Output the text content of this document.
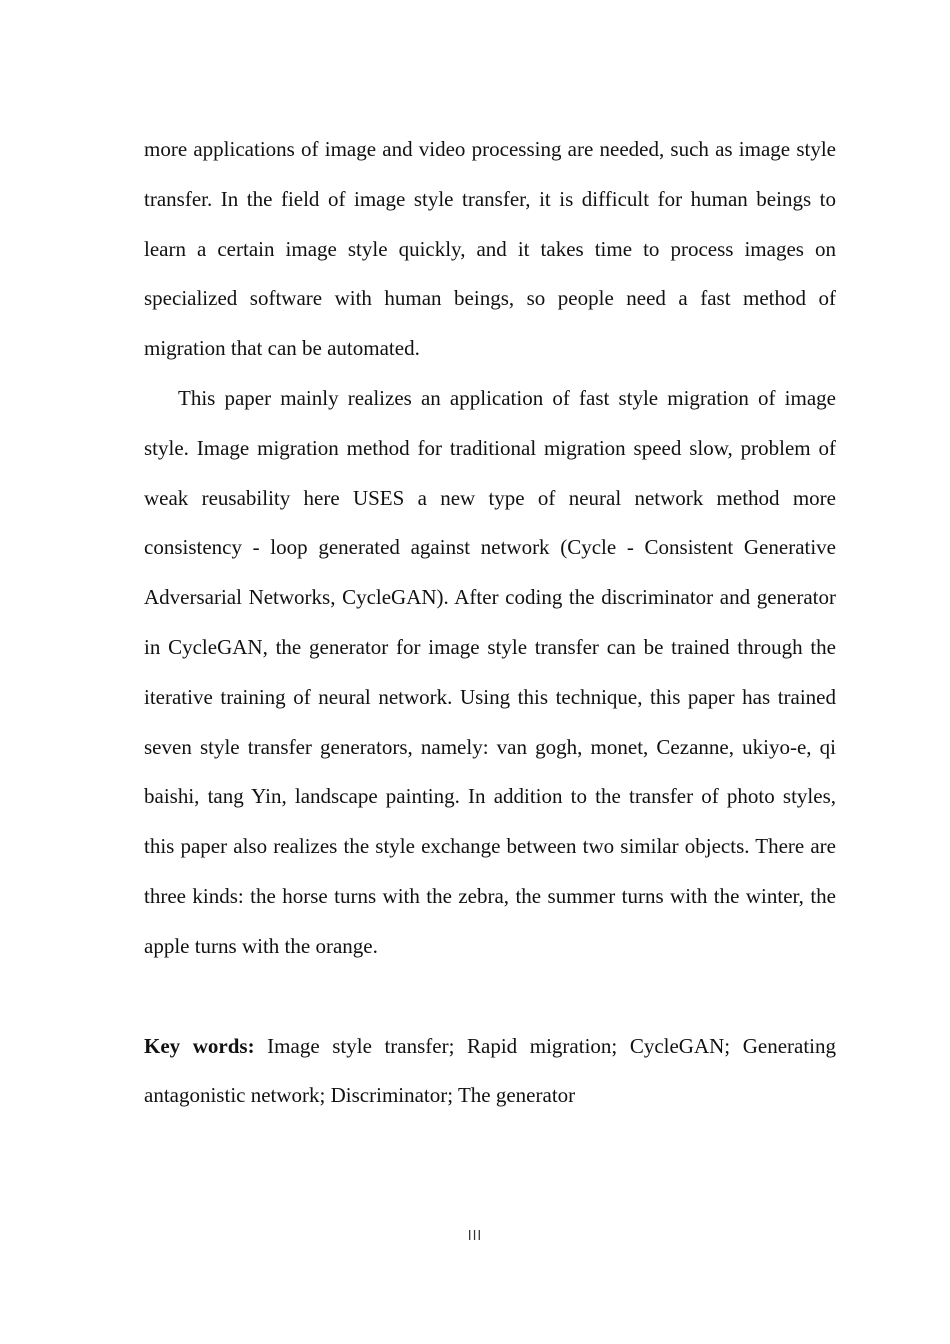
more applications of image and video processing are needed, such as image style transfer. In the field of image style transfer, it is difficult for human beings to learn a certain image style quickly, and it takes time to process images on specialized software with human beings, so people need a fast method of migration that can be automated.

This paper mainly realizes an application of fast style migration of image style. Image migration method for traditional migration speed slow, problem of weak reusability here USES a new type of neural network method more consistency - loop generated against network (Cycle - Consistent Generative Adversarial Networks, CycleGAN). After coding the discriminator and generator in CycleGAN, the generator for image style transfer can be trained through the iterative training of neural network. Using this technique, this paper has trained seven style transfer generators, namely: van gogh, monet, Cezanne, ukiyo-e, qi baishi, tang Yin, landscape painting. In addition to the transfer of photo styles, this paper also realizes the style exchange between two similar objects. There are three kinds: the horse turns with the zebra, the summer turns with the winter, the apple turns with the orange.

Key words: Image style transfer; Rapid migration; CycleGAN; Generating antagonistic network; Discriminator; The generator

III
